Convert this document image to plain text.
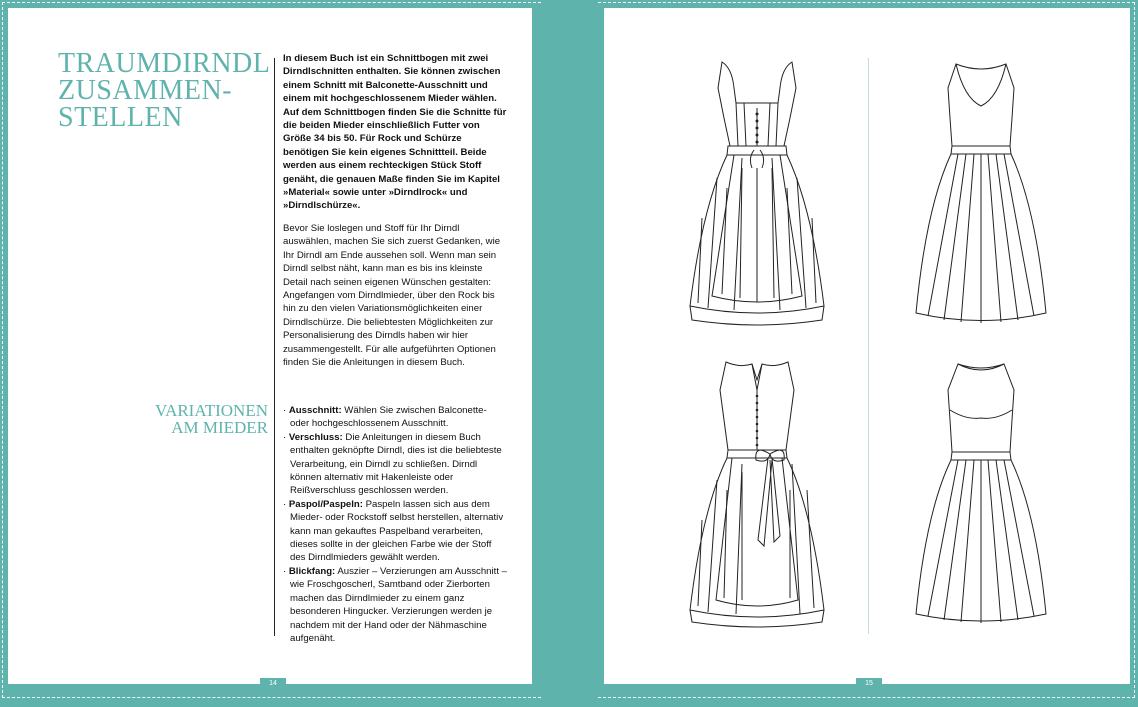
TRAUMDIRNDL
ZUSAMMEN-
STELLEN

In diesem Buch ist ein Schnittbogen mit zwei Dirndlschnitten enthalten. Sie können zwischen einem Schnitt mit Balconette-Ausschnitt und einem mit hochgeschlossenem Mieder wählen. Auf dem Schnittbogen finden Sie die Schnitte für die beiden Mieder einschließlich Futter von Größe 34 bis 50. Für Rock und Schürze benötigen Sie kein eigenes Schnittteil. Beide werden aus einem rechteckigen Stück Stoff genäht, die genauen Maße finden Sie im Kapitel »Material« sowie unter »Dirndlrock« und »Dirndlschürze«.

Bevor Sie loslegen und Stoff für Ihr Dirndl auswählen, machen Sie sich zuerst Gedanken, wie Ihr Dirndl am Ende aussehen soll. Wenn man sein Dirndl selbst näht, kann man es bis ins kleinste Detail nach seinen eigenen Wünschen gestalten: Angefangen vom Dirndlmieder, über den Rock bis hin zu den vielen Variationsmöglichkeiten einer Dirndlschürze. Die beliebtesten Möglichkeiten zur Personalisierung des Dirndls haben wir hier zusammengestellt. Für alle aufgeführten Optionen finden Sie die Anleitungen in diesem Buch.

VARIATIONEN
AM MIEDER

· Ausschnitt: Wählen Sie zwischen Balconette- oder hochgeschlossenem Ausschnitt.

· Verschluss: Die Anleitungen in diesem Buch enthalten geknöpfte Dirndl, dies ist die beliebteste Verarbeitung, ein Dirndl zu schließen. Dirndl können alternativ mit Hakenleiste oder Reißverschluss geschlossen werden.

· Paspol/Paspeln: Paspeln lassen sich aus dem Mieder- oder Rockstoff selbst herstellen, alternativ kann man gekauftes Paspelband verarbeiten, dieses sollte in der gleichen Farbe wie der Stoff des Dirndlmieders gewählt werden.

· Blickfang: Auszier – Verzierungen am Ausschnitt – wie Froschgoscherl, Samtband oder Zierborten machen das Dirndlmieder zu einem ganz besonderen Hingucker. Verzierungen werden je nachdem mit der Hand oder der Nähmaschine aufgenäht.

14	15
